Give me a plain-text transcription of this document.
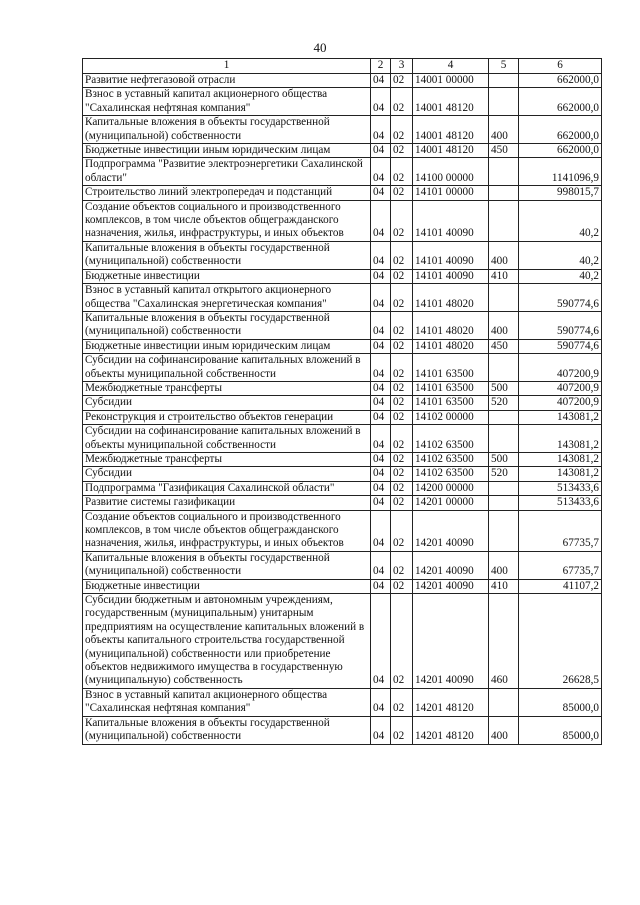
40
1	2	3	4	5	6
Развитие нефтегазовой отрасли	04	02	14001 00000		662000,0
Взнос в уставный капитал акционерного общества "Сахалинская нефтяная компания"	04	02	14001 48120		662000,0
Капитальные вложения в объекты государственной (муниципальной) собственности	04	02	14001 48120	400	662000,0
Бюджетные инвестиции иным юридическим лицам	04	02	14001 48120	450	662000,0
Подпрограмма "Развитие электроэнергетики Сахалинской области"	04	02	14100 00000		1141096,9
Строительство линий электропередач и подстанций	04	02	14101 00000		998015,7
Создание объектов социального и производственного комплексов, в том числе объектов общегражданского назначения, жилья, инфраструктуры, и иных объектов	04	02	14101 40090		40,2
Капитальные вложения в объекты государственной (муниципальной) собственности	04	02	14101 40090	400	40,2
Бюджетные инвестиции	04	02	14101 40090	410	40,2
Взнос в уставный капитал открытого акционерного общества "Сахалинская энергетическая компания"	04	02	14101 48020		590774,6
Капитальные вложения в объекты государственной (муниципальной) собственности	04	02	14101 48020	400	590774,6
Бюджетные инвестиции иным юридическим лицам	04	02	14101 48020	450	590774,6
Субсидии на софинансирование капитальных вложений в объекты муниципальной собственности	04	02	14101 63500		407200,9
Межбюджетные трансферты	04	02	14101 63500	500	407200,9
Субсидии	04	02	14101 63500	520	407200,9
Реконструкция и строительство объектов генерации	04	02	14102 00000		143081,2
Субсидии на софинансирование капитальных вложений в объекты муниципальной собственности	04	02	14102 63500		143081,2
Межбюджетные трансферты	04	02	14102 63500	500	143081,2
Субсидии	04	02	14102 63500	520	143081,2
Подпрограмма "Газификация Сахалинской области"	04	02	14200 00000		513433,6
Развитие системы газификации	04	02	14201 00000		513433,6
Создание объектов социального и производственного комплексов, в том числе объектов общегражданского назначения, жилья, инфраструктуры, и иных объектов	04	02	14201 40090		67735,7
Капитальные вложения в объекты государственной (муниципальной) собственности	04	02	14201 40090	400	67735,7
Бюджетные инвестиции	04	02	14201 40090	410	41107,2
Субсидии бюджетным и автономным учреждениям, государственным (муниципальным) унитарным предприятиям на осуществление капитальных вложений в объекты капитального строительства государственной (муниципальной) собственности или приобретение объектов недвижимого имущества в государственную (муниципальную) собственность	04	02	14201 40090	460	26628,5
Взнос в уставный капитал акционерного общества "Сахалинская нефтяная компания"	04	02	14201 48120		85000,0
Капитальные вложения в объекты государственной (муниципальной) собственности	04	02	14201 48120	400	85000,0
